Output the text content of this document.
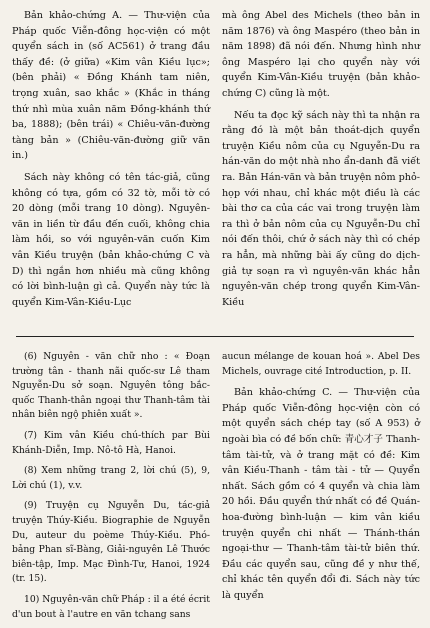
Bản khảo-chứng A. — Thư-viện của Pháp quốc Viễn-đông học-viện có một quyển sách in (số AC561) ở trang đầu thấy đề: (ở giữa) «Kim vân Kiều lục»; (bên phải) « Đồng Khánh tam niên, trọng xuân, sao khắc » (Khắc in tháng thứ nhì mùa xuân năm Đồng-khánh thứ ba, 1888); (bên trái) « Chiêu-văn-đường tàng bản » (Chiêu-văn-đường giữ văn in.)

Sách này không có tên tác-giả, cũng không có tựa, gồm có 32 tờ, mỗi tờ có 20 dòng (mỗi trang 10 dòng). Nguyên-văn in liền từ đầu đến cuối, không chia làm hồi, so với nguyên-văn cuốn Kim vân Kiều truyện (bản khảo-chứng C và D) thì ngắn hơn nhiều mà cũng không có lời bình-luận gì cả. Quyển này tức là quyển Kim-Vân-Kiều-Lục

mà ông Abel des Michels (theo bản in năm 1876) và ông Maspéro (theo bản in năm 1898) đã nói đến. Nhưng hình như ông Maspéro lại cho quyển này với quyển Kim-Vân-Kiều truyện (bản khảo-chứng C) cũng là một.

Nếu ta đọc kỹ sách này thì ta nhận ra rằng đó là một bản thoát-dịch quyển truyện Kiều nôm của cụ Nguyễn-Du ra hán-văn do một nhà nho ẩn-danh đã viết ra. Bản Hán-văn và bản truyện nôm phỏ-họp với nhau, chỉ khác một điều là các bài thơ ca của các vai trong truyện làm ra thì ở bản nôm của cụ Nguyễn-Du chỉ nói đến thôi, chứ ở sách này thì có chép ra hẳn, mà những bài ấy cũng do dịch-giả tự soạn ra vì nguyên-văn khác hẳn nguyên-văn chép trong quyển Kim-Vân-Kiều

(6) Nguyên - văn chữ nho : « Đoạn trường tân - thanh nãi quốc-sư Lê tham Nguyễn-Du sở soạn. Nguyên tông bắc-quốc Thanh-thân ngoại thư Thanh-tâm tài nhân biên ngộ phiên xuất ».

(7) Kim vân Kiều chú-thích par Bùi Khánh-Diễn, Imp. Nô-tô Hà, Hanoi.

(8) Xem những trang 2, lời chú (5), 9, Lời chú (1), v.v.

(9) Truyện cụ Nguyễn Du, tác-giả truyện Thúy-Kiều. Biographie de Nguyễn Du, auteur du poème Thúy-Kiều. Phó-bảng Phan sĩ-Bàng, Giải-nguyên Lê Thước biên-tập, Imp. Mạc Đình-Tư, Hanoi, 1924 (tr. 15).

10) Nguyên-văn chữ Pháp : il a été écrit d'un bout à l'autre en văn tchang sans

aucun mélange de kouan hoá ». Abel Des Michels, ouvrage cité Introduction, p. II.

Bản khảo-chứng C. — Thư-viện của Pháp quốc Viễn-đông học-viện còn có một quyển sách chép tay (số A 953) ở ngoài bìa có đề bốn chữ: 青心才子 Thanh-tâm tài-tử, và ở trang mặt có đề: Kim vân Kiều-Thanh - tâm tài - tử — Quyển nhất. Sách gồm có 4 quyển và chia làm 20 hồi. Đầu quyển thứ nhất có đề Quán-hoa-đường bình-luận — kim vân kiều truyện quyển chi nhất — Thánh-thán ngoại-thư — Thanh-tâm tài-tử biên thứ. Đầu các quyển sau, cũng đề y như thế, chỉ khác tên quyển đổi đi. Sách này tức là quyển
